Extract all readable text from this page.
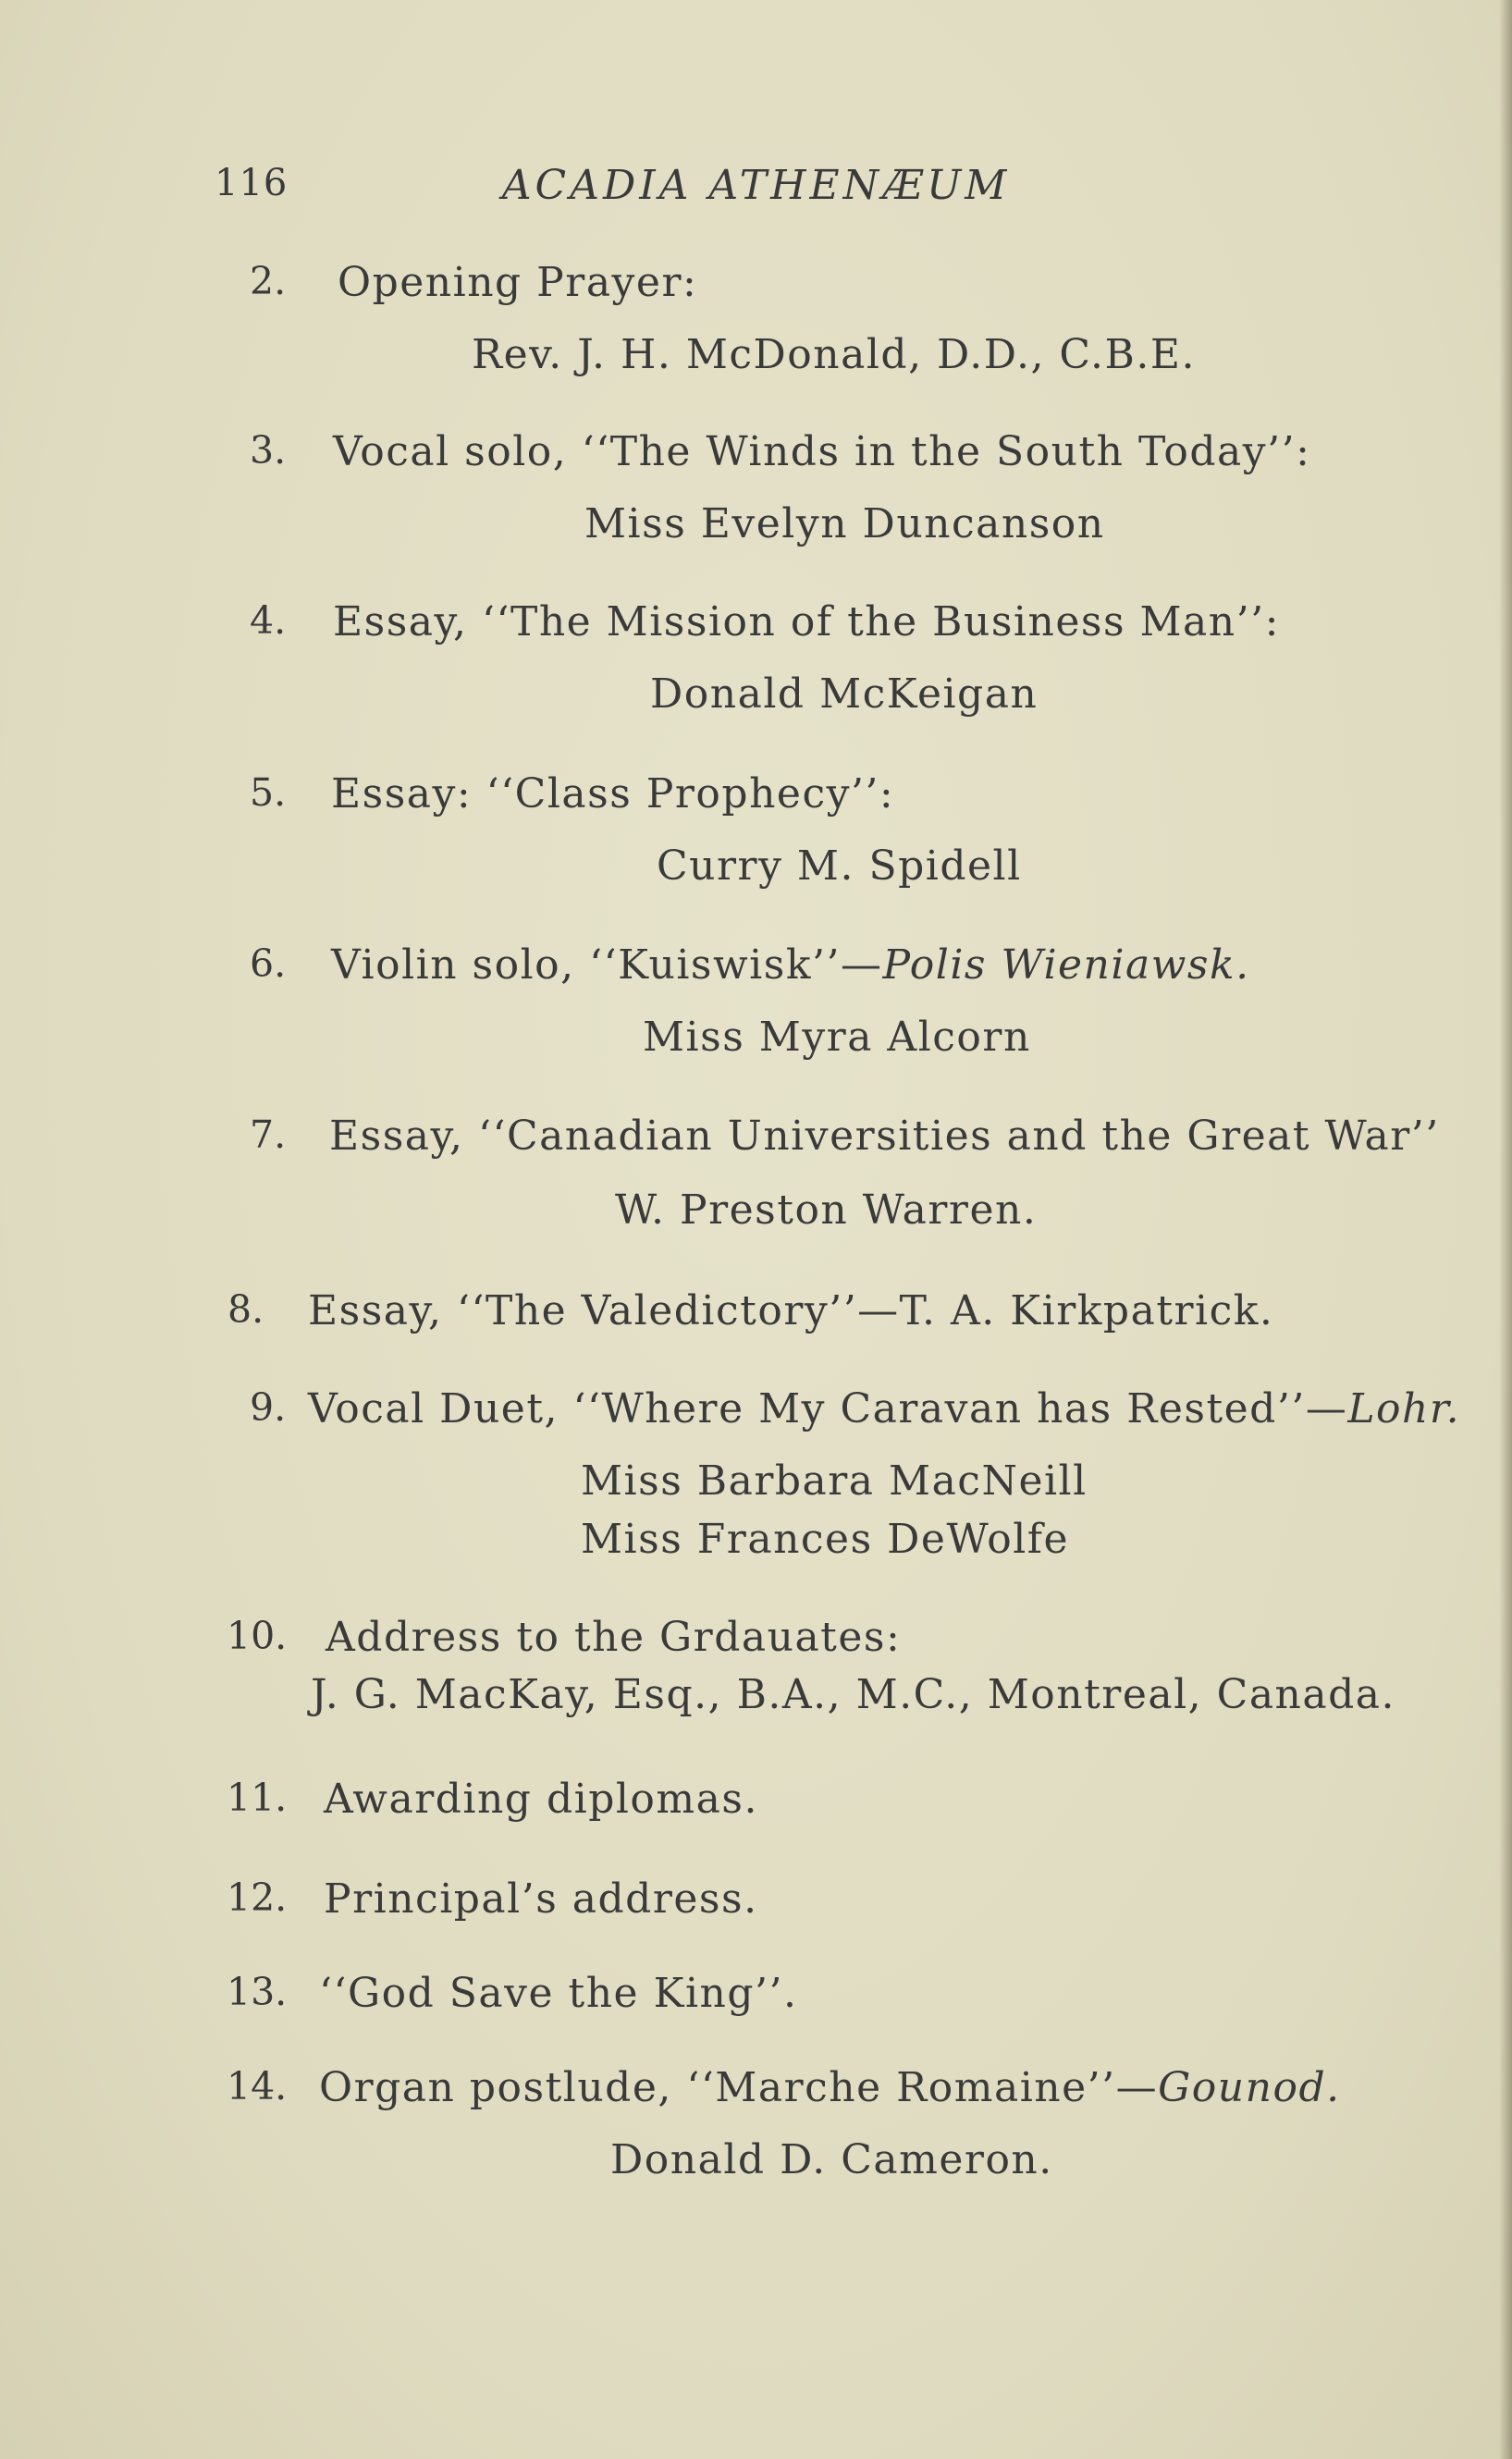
116	ACADIA ATHENÆUM
2. Opening Prayer:
Rev. J. H. McDonald, D.D., C.B.E.
3. Vocal solo, ‘‘The Winds in the South Today’’:
Miss Evelyn Duncanson
4. Essay, ‘‘The Mission of the Business Man’’:
Donald McKeigan
5. Essay: ‘‘Class Prophecy’’:
Curry M. Spidell
6. Violin solo, ‘‘Kuiswisk’’—Polis Wieniawsk.
Miss Myra Alcorn
7. Essay, ‘‘Canadian Universities and the Great War’’
W. Preston Warren.
8. Essay, ‘‘The Valedictory’’—T. A. Kirkpatrick.
9. Vocal Duet, ‘‘Where My Caravan has Rested’’—Lohr.
Miss Barbara MacNeill
Miss Frances DeWolfe
10. Address to the Grdauates:
J. G. MacKay, Esq., B.A., M.C., Montreal, Canada.
11. Awarding diplomas.
12. Principal’s address.
13. ‘‘God Save the King’’.
14. Organ postlude, ‘‘Marche Romaine’’—Gounod.
Donald D. Cameron.
